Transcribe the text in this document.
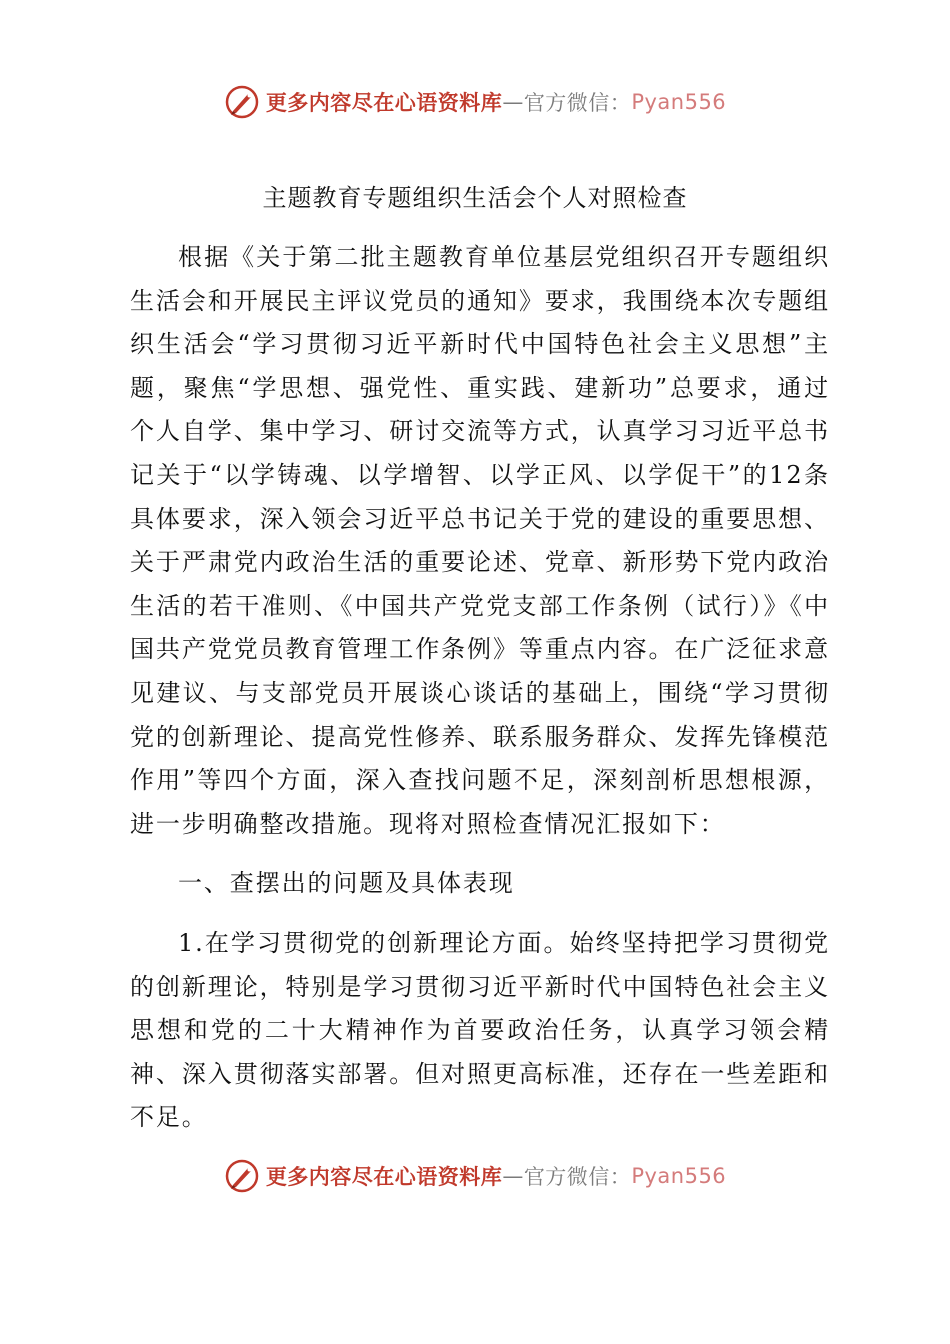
更多内容尽在心语资料库 — 官方微信： Pyan556
主题教育专题组织生活会个人对照检查

根据《关于第二批主题教育单位基层党组织召开专题组织生活会和开展民主评议党员的通知》要求，我围绕本次专题组织生活会“学习贯彻习近平新时代中国特色社会主义思想”主题，聚焦“学思想、强党性、重实践、建新功”总要求，通过个人自学、集中学习、研讨交流等方式，认真学习习近平总书记关于“以学铸魂、以学增智、以学正风、以学促干”的12条具体要求，深入领会习近平总书记关于党的建设的重要思想、关于严肃党内政治生活的重要论述、党章、新形势下党内政治生活的若干准则、《中国共产党党支部工作条例（试行）》《中国共产党党员教育管理工作条例》等重点内容。在广泛征求意见建议、与支部党员开展谈心谈话的基础上，围绕“学习贯彻党的创新理论、提高党性修养、联系服务群众、发挥先锋模范作用”等四个方面，深入查找问题不足，深刻剖析思想根源，进一步明确整改措施。现将对照检查情况汇报如下：

一、查摆出的问题及具体表现

1.在学习贯彻党的创新理论方面。始终坚持把学习贯彻党的创新理论，特别是学习贯彻习近平新时代中国特色社会主义思想和党的二十大精神作为首要政治任务，认真学习领会精神、深入贯彻落实部署。但对照更高标准，还存在一些差距和不足。

更多内容尽在心语资料库 — 官方微信： Pyan556
